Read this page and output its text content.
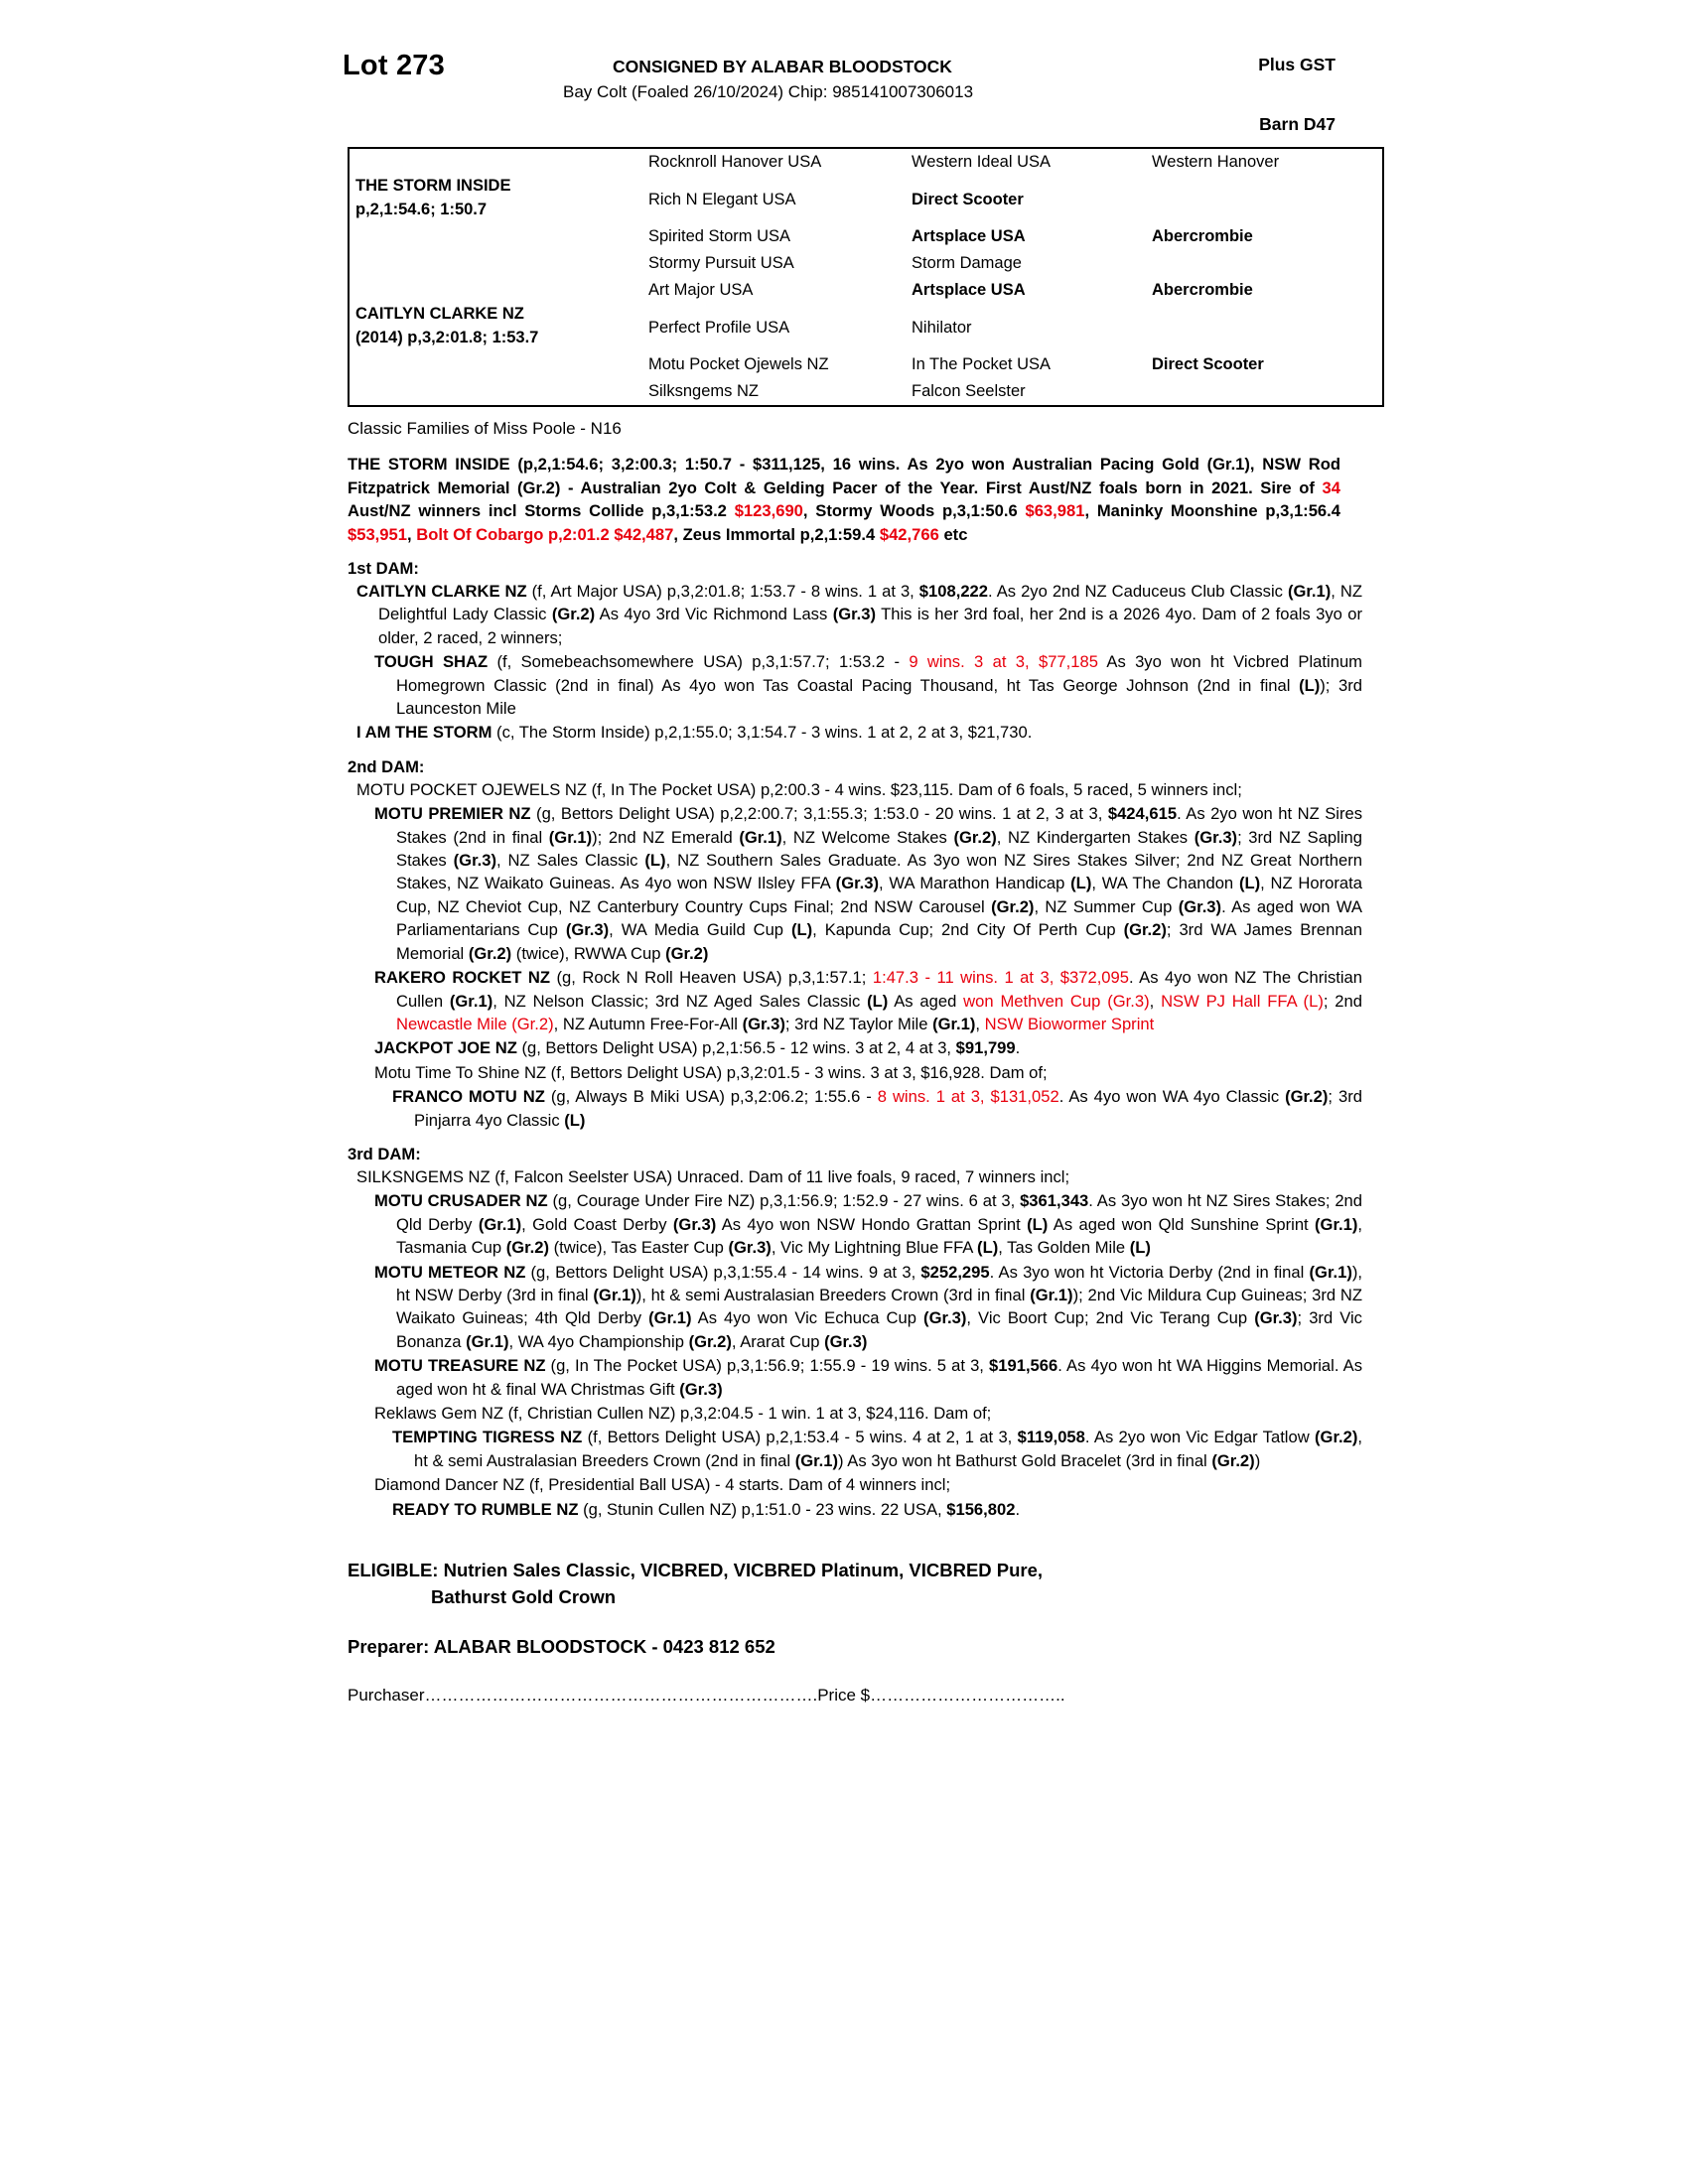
Lot 273	CONSIGNED BY ALABAR BLOODSTOCK
Bay Colt (Foaled 26/10/2024) Chip: 985141007306013
Plus GST
Barn D47
THE STORM INSIDE
p,2,1:54.6; 1:50.7	Rocknroll Hanover USA	Western Ideal USA	Western Hanover
	Rich N Elegant USA	Direct Scooter	
	Spirited Storm USA	Artsplace USA	Abercrombie
	Stormy Pursuit USA	Storm Damage	

CAITLYN CLARKE NZ
(2014) p,3,2:01.8; 1:53.7	Art Major USA	Artsplace USA	Abercrombie
	Perfect Profile USA	Nihilator	
	Motu Pocket Ojewels NZ	In The Pocket USA	Direct Scooter
	Silksngems NZ	Falcon Seelster	
Classic Families of Miss Poole - N16
THE STORM INSIDE (p,2,1:54.6; 3,2:00.3; 1:50.7 - $311,125, 16 wins. As 2yo won Australian Pacing Gold (Gr.1), NSW Rod Fitzpatrick Memorial (Gr.2) - Australian 2yo Colt & Gelding Pacer of the Year. First Aust/NZ foals born in 2021. Sire of 34 Aust/NZ winners incl Storms Collide p,3,1:53.2 $123,690, Stormy Woods p,3,1:50.6 $63,981, Maninky Moonshine p,3,1:56.4 $53,951, Bolt Of Cobargo p,2:01.2 $42,487, Zeus Immortal p,2,1:59.4 $42,766 etc
1st DAM:
CAITLYN CLARKE NZ (f, Art Major USA) p,3,2:01.8; 1:53.7 - 8 wins. 1 at 3, $108,222. As 2yo 2nd NZ Caduceus Club Classic (Gr.1), NZ Delightful Lady Classic (Gr.2) As 4yo 3rd Vic Richmond Lass (Gr.3) This is her 3rd foal, her 2nd is a 2026 4yo. Dam of 2 foals 3yo or older, 2 raced, 2 winners;
TOUGH SHAZ (f, Somebeachsomewhere USA) p,3,1:57.7; 1:53.2 - 9 wins. 3 at 3, $77,185 As 3yo won ht Vicbred Platinum Homegrown Classic (2nd in final) As 4yo won Tas Coastal Pacing Thousand, ht Tas George Johnson (2nd in final (L)); 3rd Launceston Mile
I AM THE STORM (c, The Storm Inside) p,2,1:55.0; 3,1:54.7 - 3 wins. 1 at 2, 2 at 3, $21,730.
2nd DAM:
MOTU POCKET OJEWELS NZ (f, In The Pocket USA) p,2:00.3 - 4 wins. $23,115. Dam of 6 foals, 5 raced, 5 winners incl;
MOTU PREMIER NZ (g, Bettors Delight USA) p,2,2:00.7; 3,1:55.3; 1:53.0 - 20 wins. 1 at 2, 3 at 3, $424,615. As 2yo won ht NZ Sires Stakes (2nd in final (Gr.1)); 2nd NZ Emerald (Gr.1), NZ Welcome Stakes (Gr.2), NZ Kindergarten Stakes (Gr.3); 3rd NZ Sapling Stakes (Gr.3), NZ Sales Classic (L), NZ Southern Sales Graduate. As 3yo won NZ Sires Stakes Silver; 2nd NZ Great Northern Stakes, NZ Waikato Guineas. As 4yo won NSW Ilsley FFA (Gr.3), WA Marathon Handicap (L), WA The Chandon (L), NZ Hororata Cup, NZ Cheviot Cup, NZ Canterbury Country Cups Final; 2nd NSW Carousel (Gr.2), NZ Summer Cup (Gr.3). As aged won WA Parliamentarians Cup (Gr.3), WA Media Guild Cup (L), Kapunda Cup; 2nd City Of Perth Cup (Gr.2); 3rd WA James Brennan Memorial (Gr.2) (twice), RWWA Cup (Gr.2)
RAKERO ROCKET NZ (g, Rock N Roll Heaven USA) p,3,1:57.1; 1:47.3 - 11 wins. 1 at 3, $372,095. As 4yo won NZ The Christian Cullen (Gr.1), NZ Nelson Classic; 3rd NZ Aged Sales Classic (L) As aged won Methven Cup (Gr.3), NSW PJ Hall FFA (L); 2nd Newcastle Mile (Gr.2), NZ Autumn Free-For-All (Gr.3); 3rd NZ Taylor Mile (Gr.1), NSW Biowormer Sprint
JACKPOT JOE NZ (g, Bettors Delight USA) p,2,1:56.5 - 12 wins. 3 at 2, 4 at 3, $91,799.
Motu Time To Shine NZ (f, Bettors Delight USA) p,3,2:01.5 - 3 wins. 3 at 3, $16,928. Dam of;
FRANCO MOTU NZ (g, Always B Miki USA) p,3,2:06.2; 1:55.6 - 8 wins. 1 at 3, $131,052. As 4yo won WA 4yo Classic (Gr.2); 3rd Pinjarra 4yo Classic (L)
3rd DAM:
SILKSNGEMS NZ (f, Falcon Seelster USA) Unraced. Dam of 11 live foals, 9 raced, 7 winners incl;
MOTU CRUSADER NZ (g, Courage Under Fire NZ) p,3,1:56.9; 1:52.9 - 27 wins. 6 at 3, $361,343. As 3yo won ht NZ Sires Stakes; 2nd Qld Derby (Gr.1), Gold Coast Derby (Gr.3) As 4yo won NSW Hondo Grattan Sprint (L) As aged won Qld Sunshine Sprint (Gr.1), Tasmania Cup (Gr.2) (twice), Tas Easter Cup (Gr.3), Vic My Lightning Blue FFA (L), Tas Golden Mile (L)
MOTU METEOR NZ (g, Bettors Delight USA) p,3,1:55.4 - 14 wins. 9 at 3, $252,295. As 3yo won ht Victoria Derby (2nd in final (Gr.1)), ht NSW Derby (3rd in final (Gr.1)), ht & semi Australasian Breeders Crown (3rd in final (Gr.1)); 2nd Vic Mildura Cup Guineas; 3rd NZ Waikato Guineas; 4th Qld Derby (Gr.1) As 4yo won Vic Echuca Cup (Gr.3), Vic Boort Cup; 2nd Vic Terang Cup (Gr.3); 3rd Vic Bonanza (Gr.1), WA 4yo Championship (Gr.2), Ararat Cup (Gr.3)
MOTU TREASURE NZ (g, In The Pocket USA) p,3,1:56.9; 1:55.9 - 19 wins. 5 at 3, $191,566. As 4yo won ht WA Higgins Memorial. As aged won ht & final WA Christmas Gift (Gr.3)
Reklaws Gem NZ (f, Christian Cullen NZ) p,3,2:04.5 - 1 win. 1 at 3, $24,116. Dam of;
TEMPTING TIGRESS NZ (f, Bettors Delight USA) p,2,1:53.4 - 5 wins. 4 at 2, 1 at 3, $119,058. As 2yo won Vic Edgar Tatlow (Gr.2), ht & semi Australasian Breeders Crown (2nd in final (Gr.1)) As 3yo won ht Bathurst Gold Bracelet (3rd in final (Gr.2))
Diamond Dancer NZ (f, Presidential Ball USA) - 4 starts. Dam of 4 winners incl;
READY TO RUMBLE NZ (g, Stunin Cullen NZ) p,1:51.0 - 23 wins. 22 USA, $156,802.
ELIGIBLE: Nutrien Sales Classic, VICBRED, VICBRED Platinum, VICBRED Pure,
Bathurst Gold Crown
Preparer: ALABAR BLOODSTOCK - 0423 812 652
Purchaser…………………………………………………………….Price $……………………………..
